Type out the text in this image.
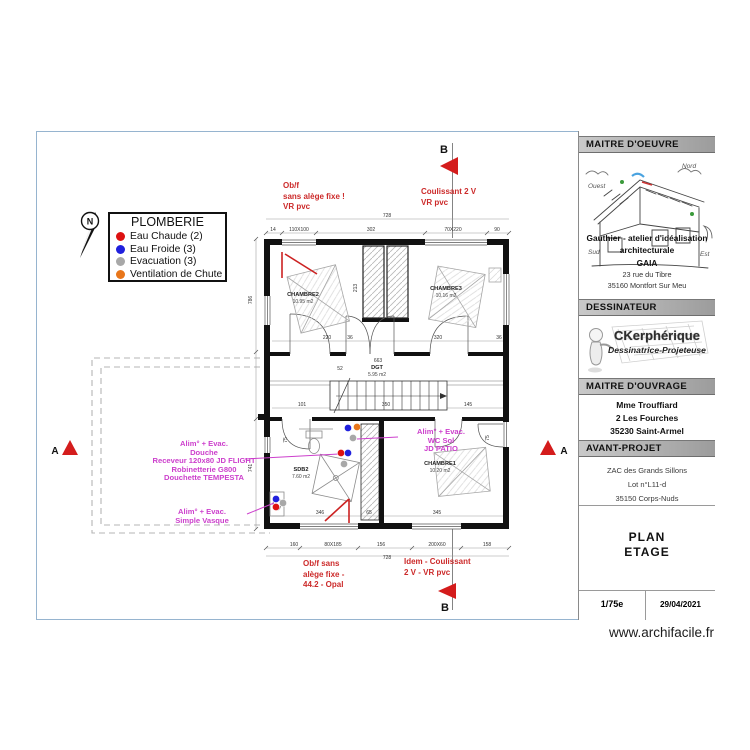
B
B
A	A
N
CHAMBRE2
CHAMBRE3
DGT
SDB2
CHAMBRE1
10.95 m2
10.16 m2
5.95 m2
7.60 m2
10.20 m2
728
14	110X100	302	70X220	90
220	36	320	36
663
52
350	145
101
346	65	345
160	80X185	156	200X60	158
728
786
741
75	75
213
PLOMBERIE
Eau Chaude (2)
Eau Froide (3)
Evacuation (3)
Ventilation de Chute
Ob/f
sans alège fixe !
VR pvc
Coulissant 2 V
VR pvc
Ob/f sans
alège fixe -
44.2 - Opal
Idem - Coulissant
2 V - VR pvc
Alim° + Evac.
Douche
Receveur 120x80 JD FLIGHT
Robinetterie G800
Douchette TEMPESTA
Alim° + Evac.
Simple Vasque
Alim° + Evac.
WC Sol
JD PATIO
MAITRE D'OEUVRE
Ouest
Nord
Sud	Est
Gauthier - atelier d'idéalisation
architecturale
GAIA
23 rue du Tibre
35160 Montfort Sur Meu
DESSINATEUR
CKerphérique
Dessinatrice-Projeteuse
MAITRE D'OUVRAGE
Mme Trouffiard
2 Les Fourches
35230 Saint-Armel
AVANT-PROJET
ZAC des Grands Sillons
Lot n°L11-d
35150 Corps-Nuds
PLAN
ETAGE
1/75e	29/04/2021
www.archifacile.fr
